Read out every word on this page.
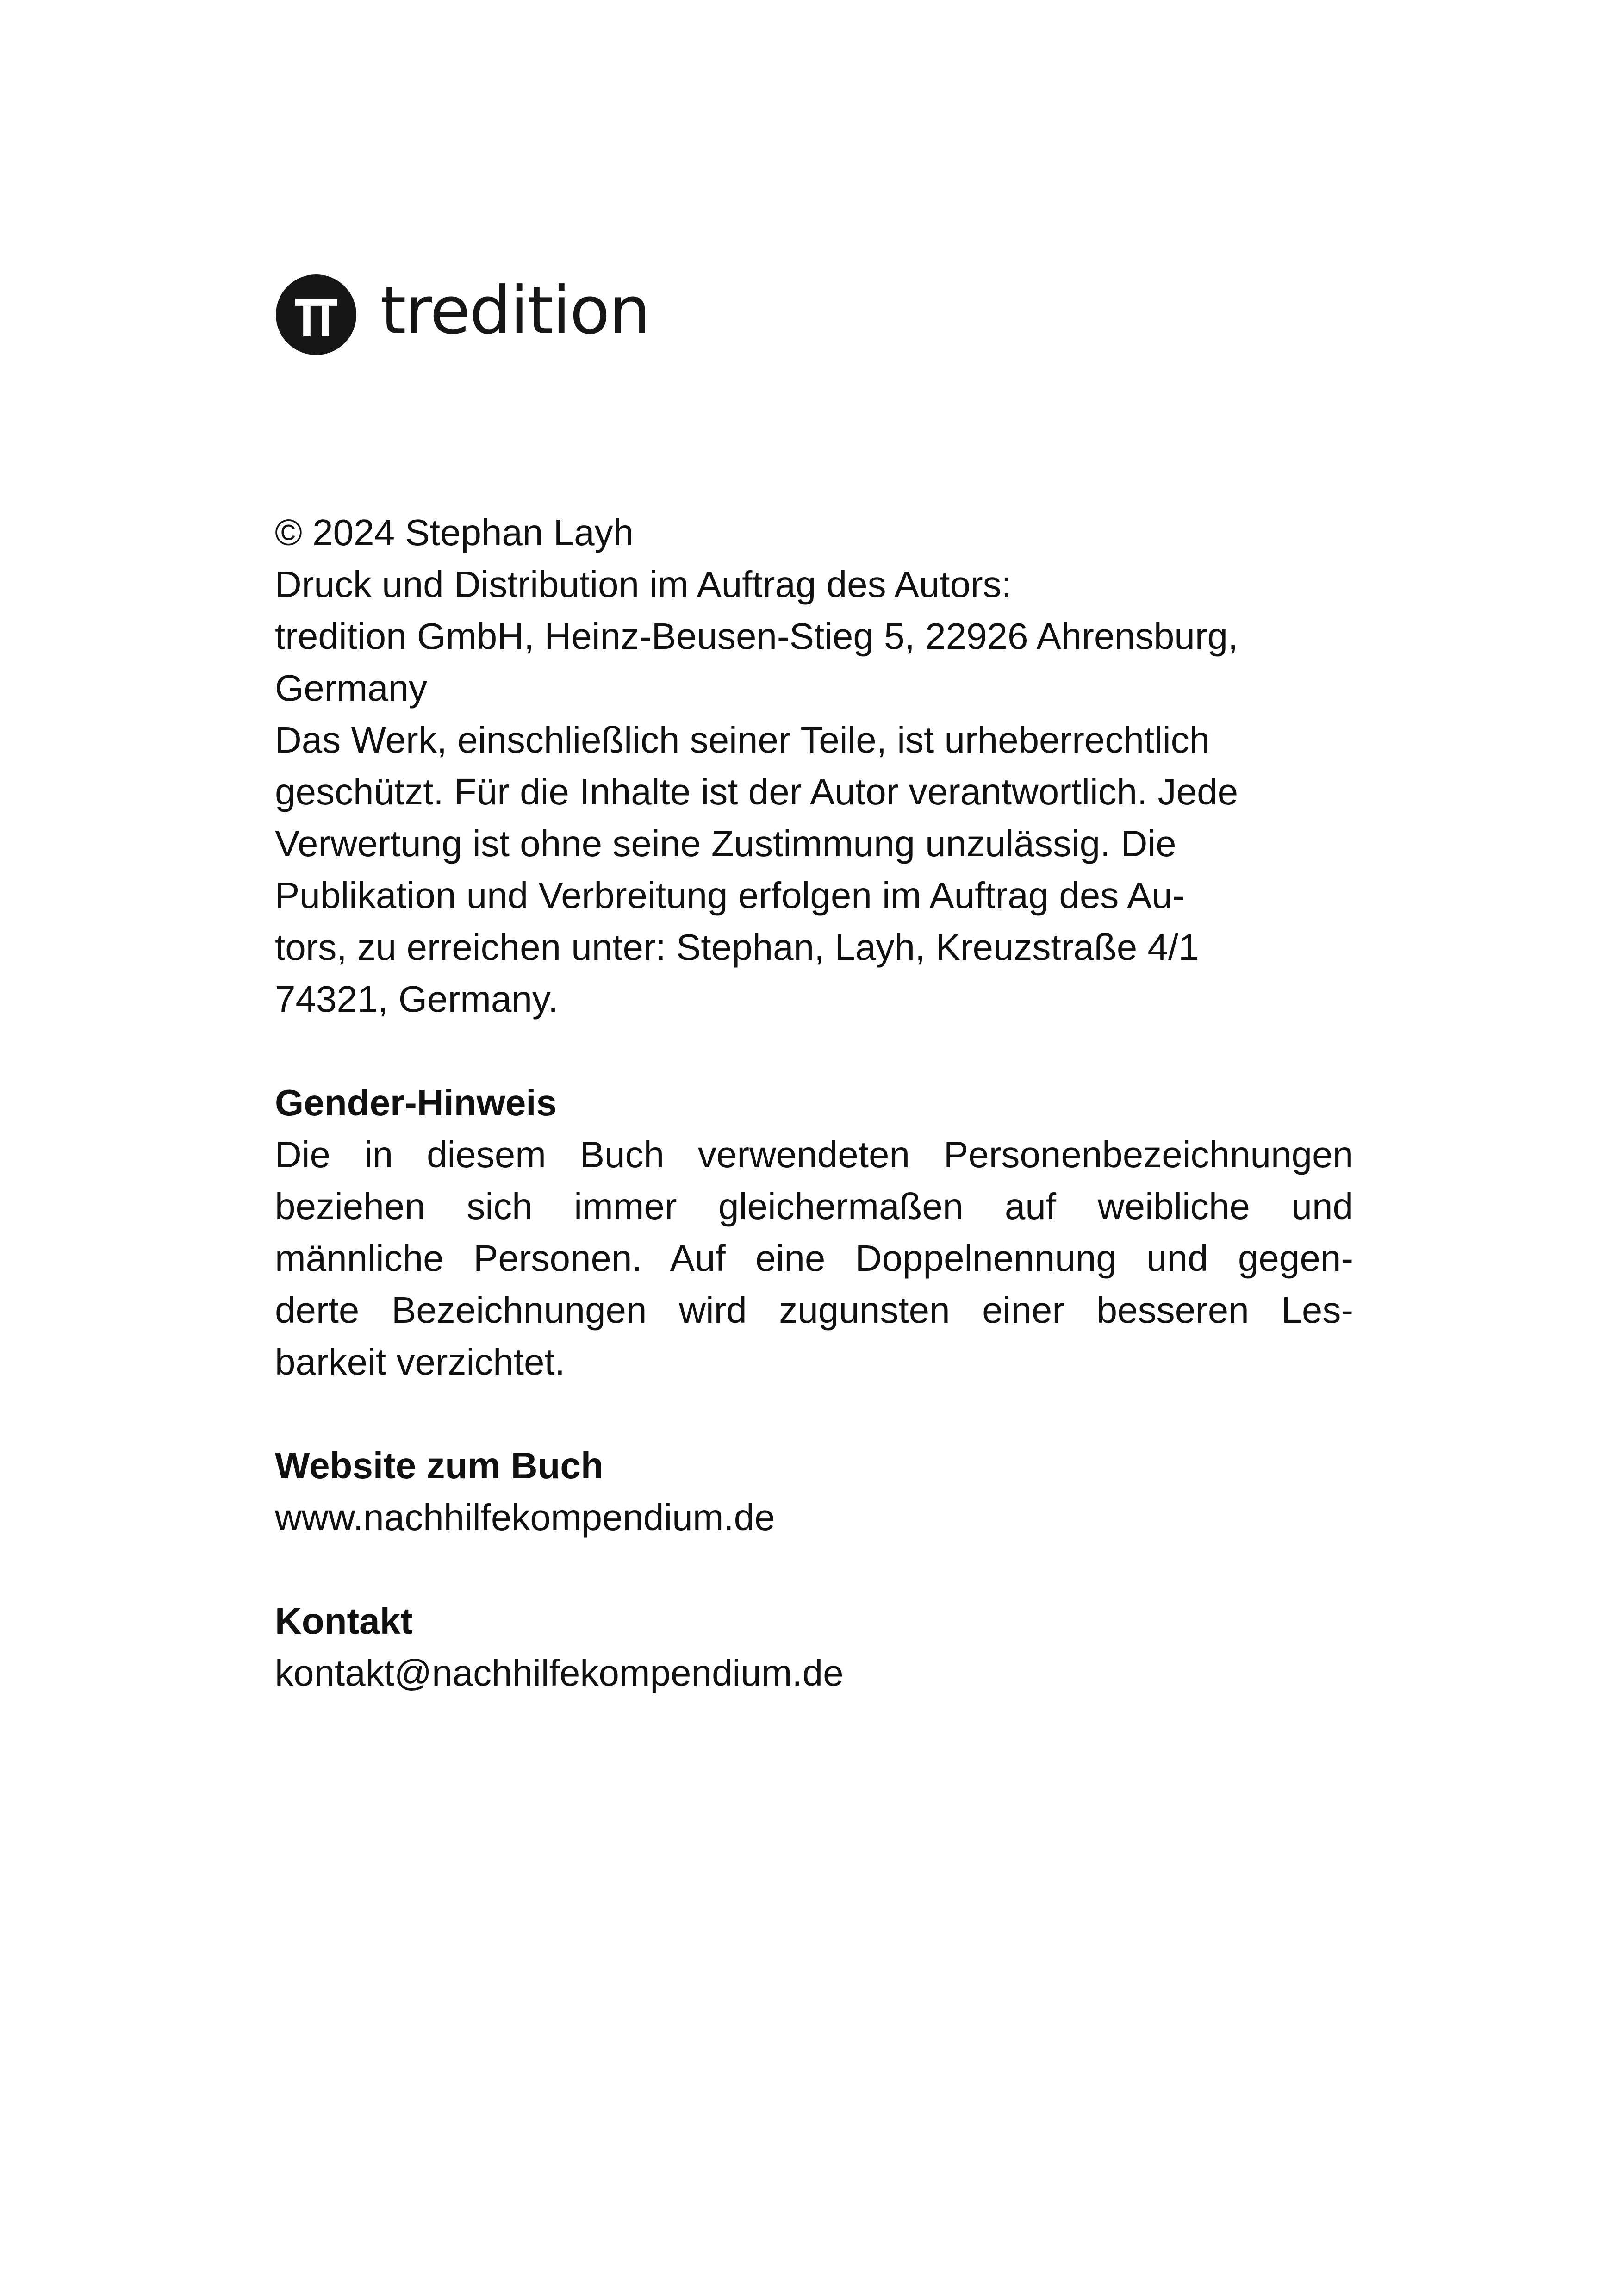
tredition
© 2024 Stephan Layh
Druck und Distribution im Auftrag des Autors:
tredition GmbH, Heinz-Beusen-Stieg 5, 22926 Ahrensburg,
Germany
Das Werk, einschließlich seiner Teile, ist urheberrechtlich
geschützt. Für die Inhalte ist der Autor verantwortlich. Jede
Verwertung ist ohne seine Zustimmung unzulässig. Die
Publikation und Verbreitung erfolgen im Auftrag des Au-
tors, zu erreichen unter: Stephan, Layh, Kreuzstraße 4/1
74321, Germany.
Gender-Hinweis
Die in diesem Buch verwendeten Personenbezeichnungen
beziehen sich immer gleichermaßen auf weibliche und
männliche Personen. Auf eine Doppelnennung und gegen-
derte Bezeichnungen wird zugunsten einer besseren Les-
barkeit verzichtet.
Website zum Buch
www.nachhilfekompendium.de
Kontakt
kontakt@nachhilfekompendium.de
